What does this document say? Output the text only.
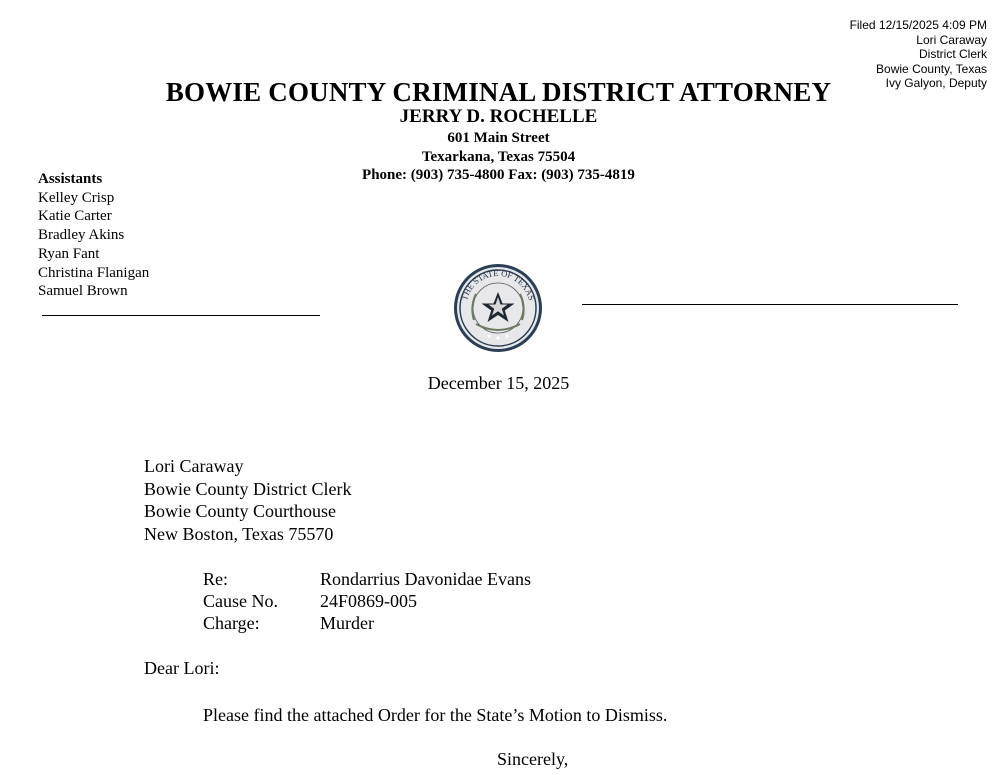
Filed 12/15/2025 4:09 PM
Lori Caraway
District Clerk
Bowie County, Texas
Ivy Galyon, Deputy
BOWIE COUNTY CRIMINAL DISTRICT ATTORNEY
JERRY D. ROCHELLE
601 Main Street
Texarkana, Texas 75504
Phone: (903) 735-4800 Fax: (903) 735-4819
Assistants
Kelley Crisp
Katie Carter
Bradley Akins
Ryan Fant
Christina Flanigan
Samuel Brown	THE STATE OF TEXAS
December 15, 2025
Lori Caraway
Bowie County District Clerk
Bowie County Courthouse
New Boston, Texas 75570
Re:	Rondarrius Davonidae Evans
Cause No. 24F0869-005
Charge:	Murder
Dear Lori:
Please find the attached Order for the State’s Motion to Dismiss.
Sincerely,
